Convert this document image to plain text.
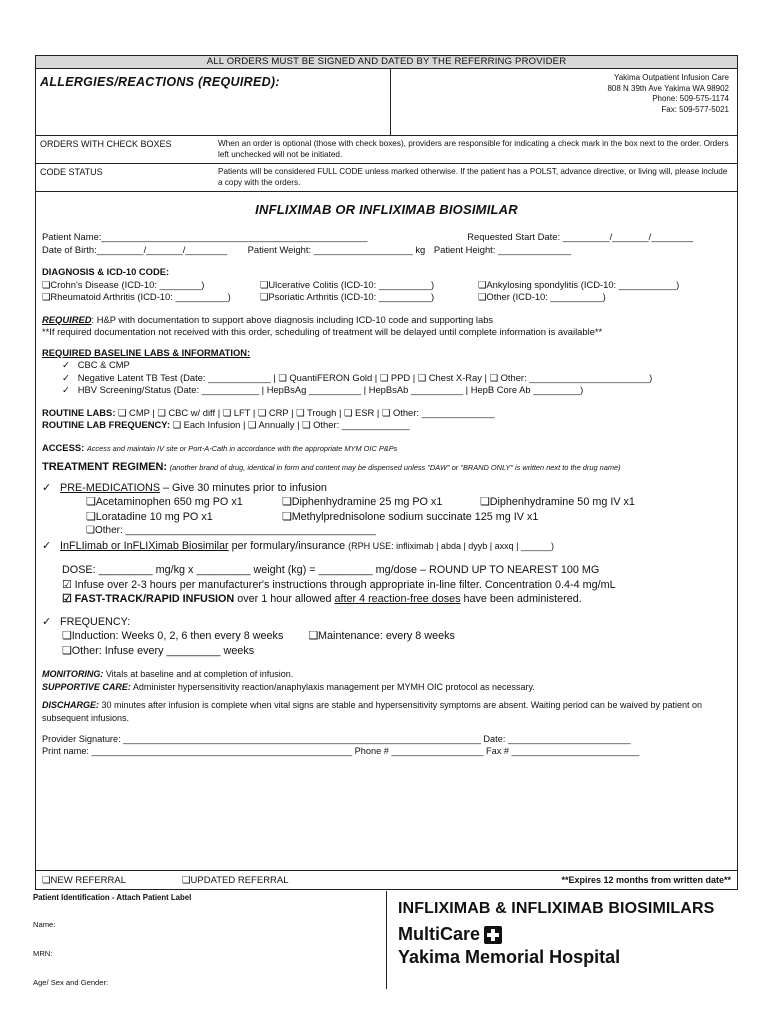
ALL ORDERS MUST BE SIGNED AND DATED BY THE REFERRING PROVIDER
ALLERGIES/REACTIONS (REQUIRED):	Yakima Outpatient Infusion Care
808 N 39th Ave Yakima WA 98902
Phone: 509-575-1174
Fax: 509-577-5021
ORDERS WITH CHECK BOXES	When an order is optional (those with check boxes), providers are responsible for indicating a check mark in the box next to the order. Orders left unchecked will not be initiated.
CODE STATUS	Patients will be considered FULL CODE unless marked otherwise. If the patient has a POLST, advance directive, or living will, please include a copy with the orders.
INFLIXIMAB OR INFLIXIMAB BIOSIMILAR
Patient Name:___________________________________________________	Requested Start Date: _________/_______/________
Date of Birth:_________/_______/________ Patient Weight: ___________________ kg Patient Height: ______________
DIAGNOSIS & ICD-10 CODE:
❏ Crohn's Disease (ICD-10: ________)	❏ Ulcerative Colitis (ICD-10: __________)	❏ Ankylosing spondylitis (ICD-10: ___________)
❏ Rheumatoid Arthritis (ICD-10: __________)	❏ Psoriatic Arthritis (ICD-10: __________)	❏ Other (ICD-10: __________)
REQUIRED: H&P with documentation to support above diagnosis including ICD-10 code and supporting labs
**If required documentation not received with this order, scheduling of treatment will be delayed until complete information is available**
REQUIRED BASELINE LABS & INFORMATION:
✓   CBC & CMP
✓   Negative Latent TB Test (Date: ____________ | ❏ QuantiFERON Gold | ❏ PPD | ❏ Chest X-Ray | ❏ Other: _______________________)
✓   HBV Screening/Status (Date: ___________ | HepBsAg __________ | HepBsAb __________ | HepB Core Ab _________)
ROUTINE LABS: ❏ CMP | ❏ CBC w/ diff | ❏ LFT | ❏ CRP | ❏ Trough | ❏ ESR | ❏ Other: ______________
ROUTINE LAB FREQUENCY: ❏ Each Infusion | ❏ Annually | ❏ Other: _____________
ACCESS: Access and maintain IV site or Port-A-Cath in accordance with the appropriate MYM OIC P&Ps
TREATMENT REGIMEN: (another brand of drug, identical in form and content may be dispensed unless "DAW" or "BRAND ONLY" is written next to the drug name)
✓   PRE-MEDICATIONS – Give 30 minutes prior to infusion
❏ Acetaminophen 650 mg PO x1	❏ Diphenhydramine 25 mg PO x1	❏ Diphenhydramine 50 mg IV x1
❏ Loratadine 10 mg PO x1	❏ Methylprednisolone sodium succinate 125 mg IV x1
❏ Other: _____________________________________________
✓   InFLIimab or InFLIXimab Biosimilar per formulary/insurance (RPH USE: infliximab | abda | dyyb | axxq | ______)
DOSE: _________ mg/kg x _________ weight (kg) = _________ mg/dose – ROUND UP TO NEAREST 100 MG
☑ Infuse over 2-3 hours per manufacturer's instructions through appropriate in-line filter. Concentration 0.4-4 mg/mL
☑ FAST-TRACK/RAPID INFUSION over 1 hour allowed after 4 reaction-free doses have been administered.
✓   FREQUENCY:
❏ Induction: Weeks 0, 2, 6 then every 8 weeks	❏ Maintenance: every 8 weeks
❏ Other: Infuse every _________ weeks
MONITORING: Vitals at baseline and at completion of infusion.
SUPPORTIVE CARE: Administer hypersensitivity reaction/anaphylaxis management per MYMH OIC protocol as necessary.
DISCHARGE: 30 minutes after infusion is complete when vital signs are stable and hypersensitivity symptoms are absent. Waiting period can be waived by patient on subsequent infusions.
Provider Signature: ______________________________________________________________________ Date: ________________________
Print name: ___________________________________________________ Phone # __________________ Fax # _________________________
❏ NEW REFERRAL	❏ UPDATED REFERRAL	**Expires 12 months from written date**
Patient Identification - Attach Patient Label
Name:
MRN:
Age/ Sex and Gender:
INFLIXIMAB & INFLIXIMAB BIOSIMILARS
MultiCare
Yakima Memorial Hospital
